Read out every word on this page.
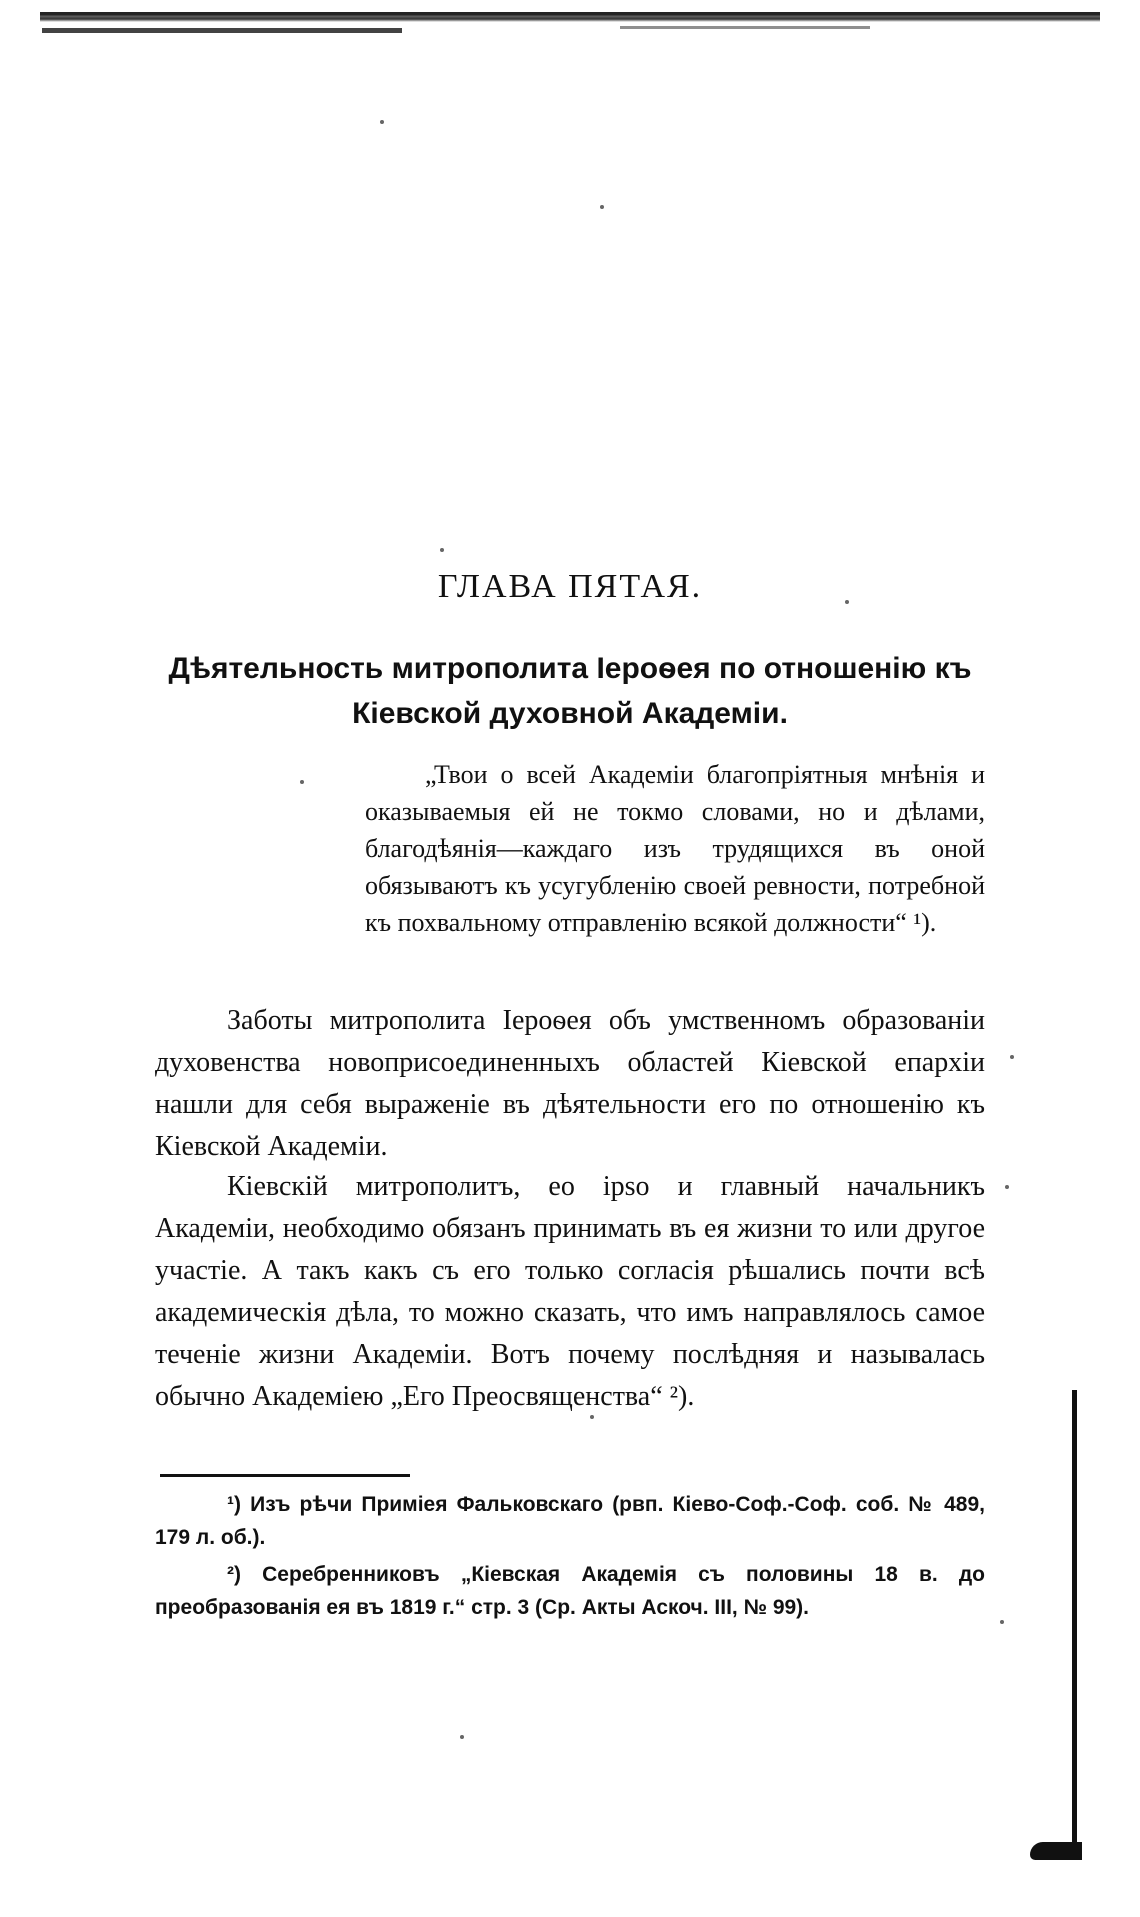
ГЛАВА ПЯТАЯ.
Дѣятельность митрополита Іероѳея по отношенію къ Кіевской духовной Академіи.

„Твои о всей Академіи благопріятныя мнѣнія и оказываемыя ей не токмо словами, но и дѣлами, благодѣянія—каждаго изъ трудящихся въ оной обязываютъ къ усугубленію своей ревности, потребной къ похвальному отправленію всякой должности“ ¹).

Заботы митрополита Іероѳея объ умственномъ образованіи духовенства новоприсоединенныхъ областей Кіевской епархіи нашли для себя выраженіе въ дѣятельности его по отношенію къ Кіевской Академіи.

Кіевскій митрополитъ, eo ipso и главный начальникъ Академіи, необходимо обязанъ принимать въ ея жизни то или другое участіе. А такъ какъ съ его только согласія рѣшались почти всѣ академическія дѣла, то можно сказать, что имъ направлялось самое теченіе жизни Академіи. Вотъ почему послѣдняя и называлась обычно Академіею „Его Преосвященства“ ²).

¹) Изъ рѣчи Приміея Фальковскаго (рвп. Кіево-Соф.-Соф. соб. № 489, 179 л. об.).

²) Серебренниковъ „Кіевская Академія съ половины 18 в. до преобразованія ея въ 1819 г.“ стр. 3 (Ср. Акты Аскоч. III, № 99).
